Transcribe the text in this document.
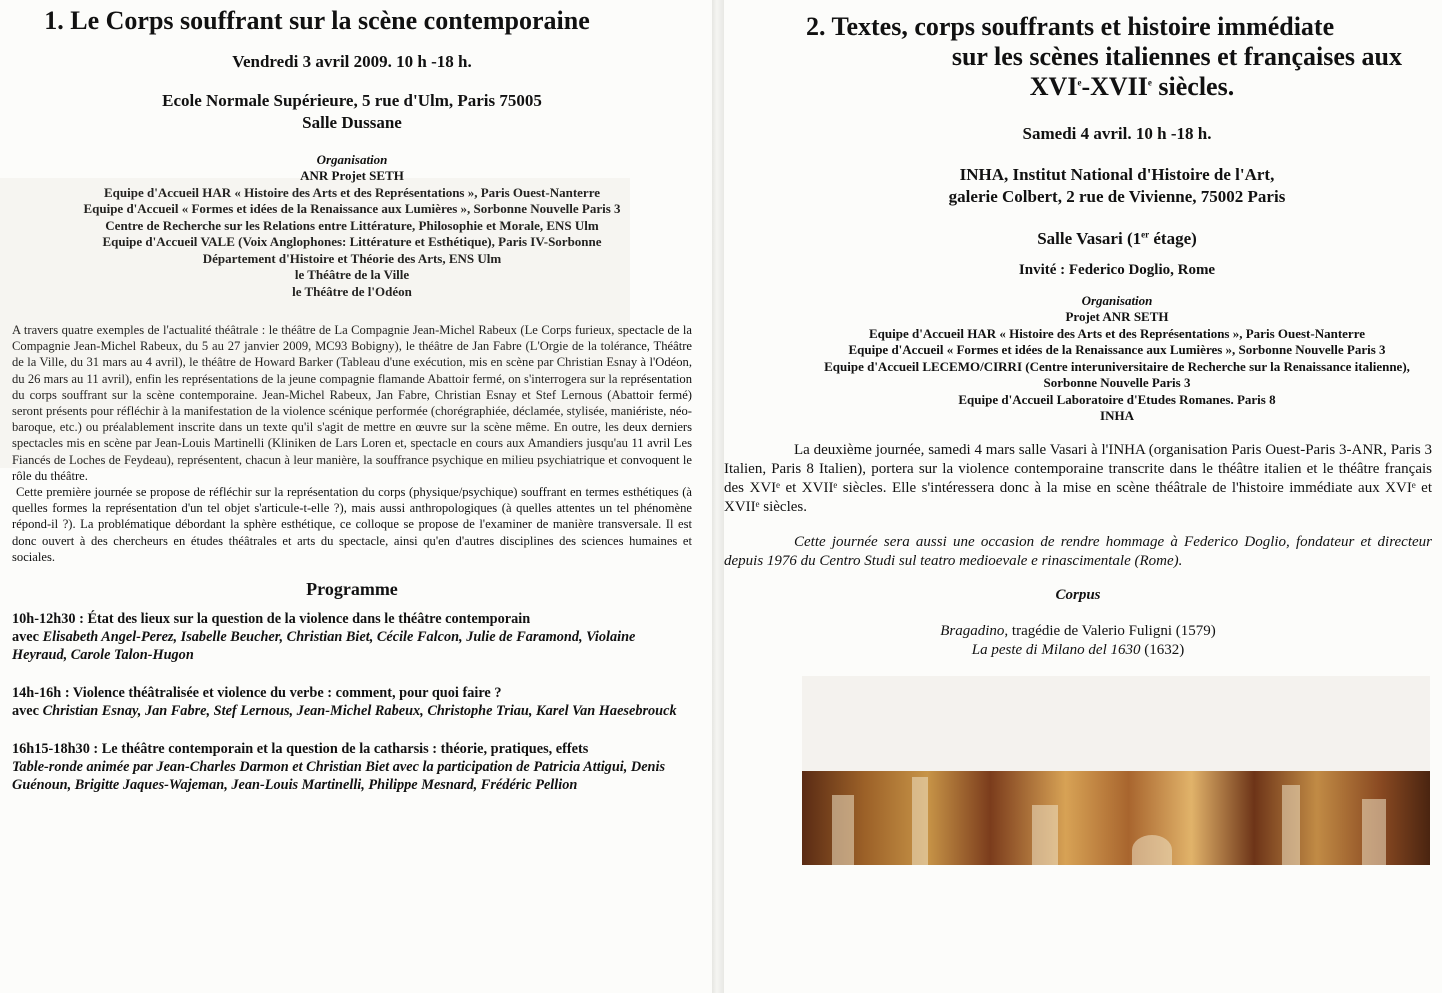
1. Le Corps souffrant sur la scène contemporaine
Vendredi 3 avril 2009. 10 h -18 h.
Ecole Normale Supérieure, 5 rue d'Ulm, Paris 75005
Salle Dussane
Organisation
ANR Projet SETH
Equipe d'Accueil HAR « Histoire des Arts et des Représentations », Paris Ouest-Nanterre
Equipe d'Accueil « Formes et idées de la Renaissance aux Lumières », Sorbonne Nouvelle Paris 3
Centre de Recherche sur les Relations entre Littérature, Philosophie et Morale, ENS Ulm
Equipe d'Accueil VALE (Voix Anglophones: Littérature et Esthétique), Paris IV-Sorbonne
Département d'Histoire et Théorie des Arts, ENS Ulm
le Théâtre de la Ville
le Théâtre de l'Odéon

A travers quatre exemples de l'actualité théâtrale : le théâtre de La Compagnie Jean-Michel Rabeux (Le Corps furieux, spectacle de la Compagnie Jean-Michel Rabeux, du 5 au 27 janvier 2009, MC93 Bobigny), le théâtre de Jan Fabre (L'Orgie de la tolérance, Théâtre de la Ville, du 31 mars au 4 avril), le théâtre de Howard Barker (Tableau d'une exécution, mis en scène par Christian Esnay à l'Odéon, du 26 mars au 11 avril), enfin les représentations de la jeune compagnie flamande Abattoir fermé, on s'interrogera sur la représentation du corps souffrant sur la scène contemporaine. Jean-Michel Rabeux, Jan Fabre, Christian Esnay et Stef Lernous (Abattoir fermé) seront présents pour réfléchir à la manifestation de la violence scénique performée (chorégraphiée, déclamée, stylisée, maniériste, néo-baroque, etc.) ou préalablement inscrite dans un texte qu'il s'agit de mettre en œuvre sur la scène même. En outre, les deux derniers spectacles mis en scène par Jean-Louis Martinelli (Kliniken de Lars Loren et, spectacle en cours aux Amandiers jusqu'au 11 avril Les Fiancés de Loches de Feydeau), représentent, chacun à leur manière, la souffrance psychique en milieu psychiatrique et convoquent le rôle du théâtre.

Cette première journée se propose de réfléchir sur la représentation du corps (physique/psychique) souffrant en termes esthétiques (à quelles formes la représentation d'un tel objet s'articule-t-elle ?), mais aussi anthropologiques (à quelles attentes un tel phénomène répond-il ?). La problématique débordant la sphère esthétique, ce colloque se propose de l'examiner de manière transversale. Il est donc ouvert à des chercheurs en études théâtrales et arts du spectacle, ainsi qu'en d'autres disciplines des sciences humaines et sociales.

Programme
10h-12h30 : État des lieux sur la question de la violence dans le théâtre contemporain
avec Elisabeth Angel-Perez, Isabelle Beucher, Christian Biet, Cécile Falcon, Julie de Faramond, Violaine Heyraud, Carole Talon-Hugon
14h-16h : Violence théâtralisée et violence du verbe : comment, pour quoi faire ?
avec Christian Esnay, Jan Fabre, Stef Lernous, Jean-Michel Rabeux, Christophe Triau, Karel Van Haesebrouck
16h15-18h30 : Le théâtre contemporain et la question de la catharsis : théorie, pratiques, effets
Table-ronde animée par Jean-Charles Darmon et Christian Biet avec la participation de Patricia Attigui, Denis Guénoun, Brigitte Jaques-Wajeman, Jean-Louis Martinelli, Philippe Mesnard, Frédéric Pellion
2. Textes, corps souffrants et histoire immédiate
sur les scènes italiennes et françaises aux
XVIe-XVIIe siècles.
Samedi 4 avril. 10 h -18 h.
INHA, Institut National d'Histoire de l'Art,
galerie Colbert, 2 rue de Vivienne, 75002 Paris
Salle Vasari (1er étage)
Invité : Federico Doglio, Rome
Organisation
Projet ANR SETH
Equipe d'Accueil HAR « Histoire des Arts et des Représentations », Paris Ouest-Nanterre
Equipe d'Accueil « Formes et idées de la Renaissance aux Lumières », Sorbonne Nouvelle Paris 3
Equipe d'Accueil LECEMO/CIRRI (Centre interuniversitaire de Recherche sur la Renaissance italienne), Sorbonne Nouvelle Paris 3
Equipe d'Accueil Laboratoire d'Etudes Romanes. Paris 8
INHA
La deuxième journée, samedi 4 mars salle Vasari à l'INHA (organisation Paris Ouest-Paris 3-ANR, Paris 3 Italien, Paris 8 Italien), portera sur la violence contemporaine transcrite dans le théâtre italien et le théâtre français des XVIᵉ et XVIIᵉ siècles. Elle s'intéressera donc à la mise en scène théâtrale de l'histoire immédiate aux XVIᵉ et XVIIᵉ siècles.
Cette journée sera aussi une occasion de rendre hommage à Federico Doglio, fondateur et directeur depuis 1976 du Centro Studi sul teatro medioevale e rinascimentale (Rome).
Corpus
Bragadino, tragédie de Valerio Fuligni (1579)
La peste di Milano del 1630 (1632)
